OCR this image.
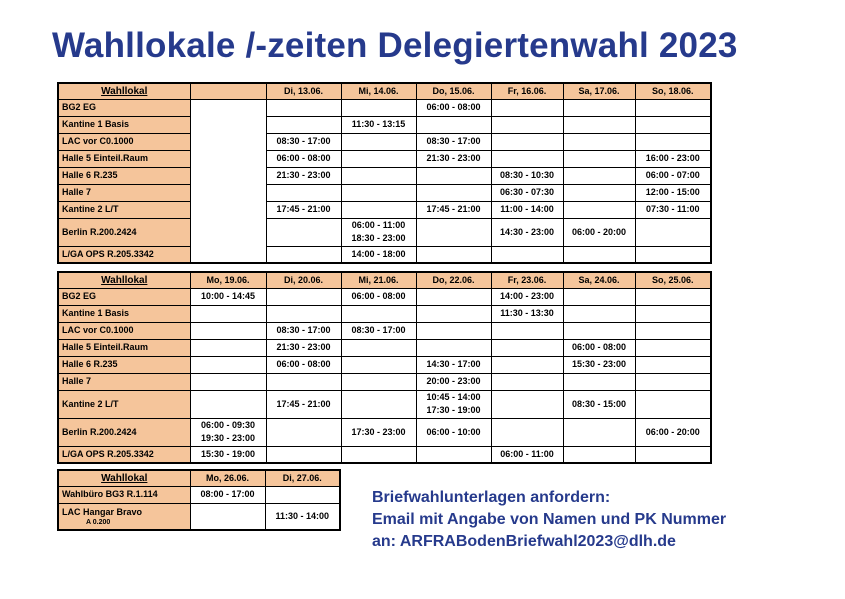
Wahllokale /-zeiten Delegiertenwahl 2023
Wahllokal		Di, 13.06.	Mi, 14.06.	Do, 15.06.	Fr, 16.06.	Sa, 17.06.	So, 18.06.
BG2 EG				06:00 - 08:00			

Kantine 1 Basis			11:30 - 13:15				

LAC vor C0.1000		08:30 - 17:00		08:30 - 17:00			

Halle 5 Einteil.Raum		06:00 - 08:00		21:30 - 23:00			16:00 - 23:00

Halle 6 R.235		21:30 - 23:00			08:30 - 10:30		06:00 - 07:00

Halle 7					06:30 - 07:30		12:00 - 15:00

Kantine 2 L/T		17:45 - 21:00		17:45 - 21:00	11:00 - 14:00		07:30 - 11:00

Berlin R.200.2424			06:00 - 11:00
18:30 - 23:00		14:30 - 23:00	06:00 - 20:00	

L/GA OPS R.205.3342			14:00 - 18:00				

Wahllokal	Mo, 19.06.	Di, 20.06.	Mi, 21.06.	Do, 22.06.	Fr, 23.06.	Sa, 24.06.	So, 25.06.
BG2 EG	10:00 - 14:45		06:00 - 08:00		14:00 - 23:00		

Kantine 1 Basis					11:30 - 13:30		

LAC vor C0.1000		08:30 - 17:00	08:30 - 17:00				

Halle 5 Einteil.Raum		21:30 - 23:00				06:00 - 08:00	

Halle 6 R.235		06:00 - 08:00		14:30 - 17:00		15:30 - 23:00	

Halle 7				20:00 - 23:00			

Kantine 2 L/T		17:45 - 21:00		10:45 - 14:00
17:30 - 19:00		08:30 - 15:00	

Berlin R.200.2424	06:00 - 09:30
19:30 - 23:00		17:30 - 23:00	06:00 - 10:00			06:00 - 20:00

L/GA OPS R.205.3342	15:30 - 19:00				06:00 - 11:00		

Wahllokal	Mo, 26.06.	Di, 27.06.
Wahlbüro BG3 R.1.114	08:00 - 17:00	

LAC Hangar Bravo
A 0.200		11:30 - 14:00
Briefwahlunterlagen anfordern:
Email mit Angabe von Namen und PK Nummer
an: ARFRABodenBriefwahl2023@dlh.de
